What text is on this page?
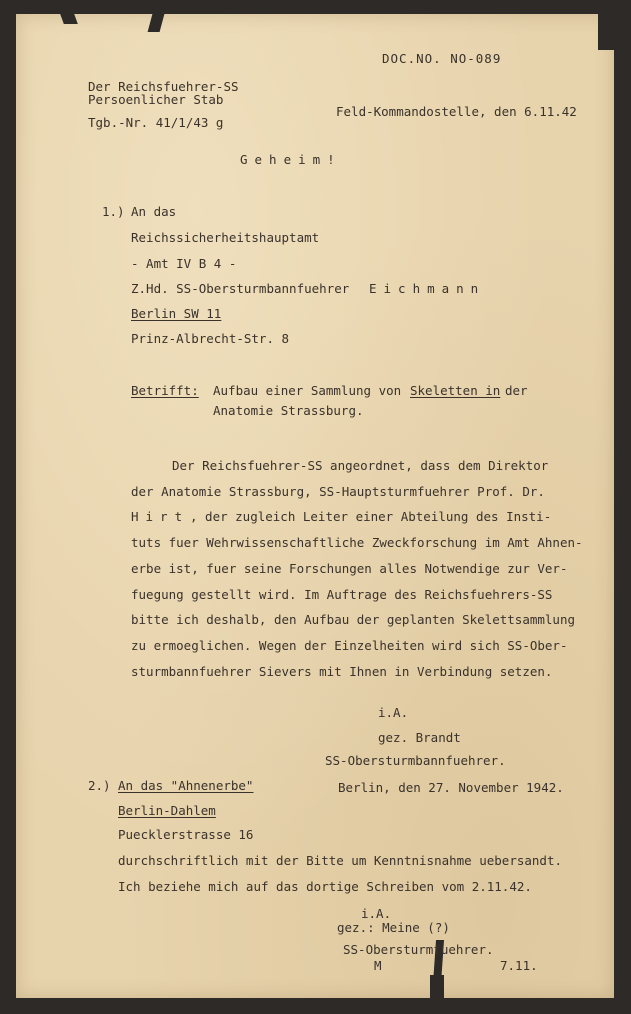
DOC.NO. NO-089
Der Reichsfuehrer-SS
Persoenlicher Stab
Tgb.-Nr. 41/1/43 g
Feld-Kommandostelle, den 6.11.42
Geheim!
1.) An das
Reichssicherheitshauptamt
- Amt IV B 4 -
Z.Hd. SS-Obersturmbannfuehrer Eichmann
Berlin SW 11
Prinz-Albrecht-Str. 8
Betrifft: Aufbau einer Sammlung von Skeletten in der
Anatomie Strassburg.
Der Reichsfuehrer-SS angeordnet, dass dem Direktor
der Anatomie Strassburg, SS-Hauptsturmfuehrer Prof. Dr.
Hirt , der zugleich Leiter einer Abteilung des Insti-
tuts fuer Wehrwissenschaftliche Zweckforschung im Amt Ahnen-
erbe ist, fuer seine Forschungen alles Notwendige zur Ver-
fuegung gestellt wird. Im Auftrage des Reichsfuehrers-SS
bitte ich deshalb, den Aufbau der geplanten Skelettsammlung
zu ermoeglichen. Wegen der Einzelheiten wird sich SS-Ober-
sturmbannfuehrer Sievers mit Ihnen in Verbindung setzen.
i.A.
gez. Brandt
SS-Obersturmbannfuehrer.
2.) An das "Ahnenerbe"	Berlin, den 27. November 1942.
Berlin-Dahlem
Puecklerstrasse 16
durchschriftlich mit der Bitte um Kenntnisnahme uebersandt.
Ich beziehe mich auf das dortige Schreiben vom 2.11.42.
i.A.
gez.: Meine (?)
SS-Obersturmfuehrer.
M	7.11.
